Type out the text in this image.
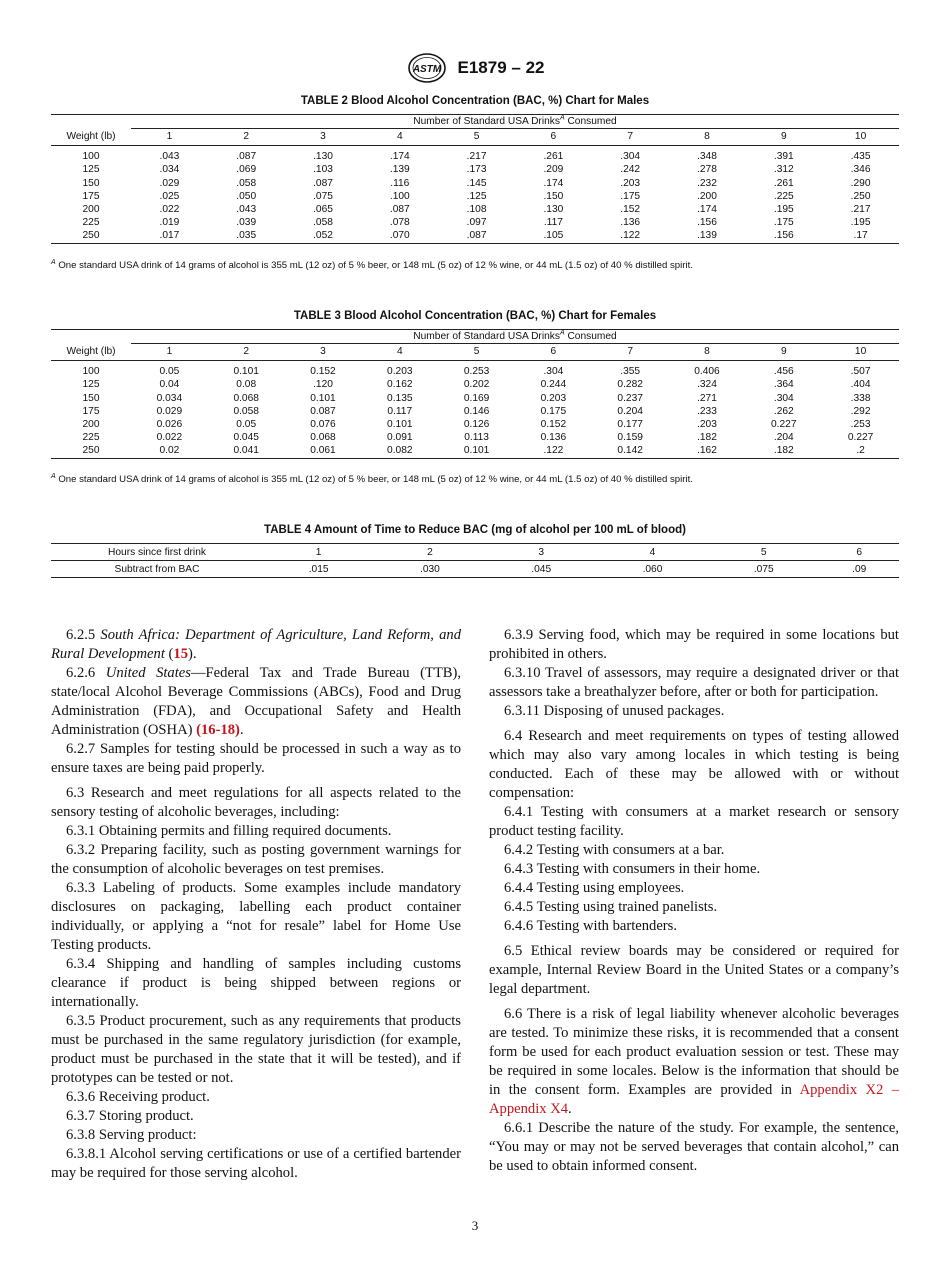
ASTM E1879 – 22
TABLE 2 Blood Alcohol Concentration (BAC, %) Chart for Males
	Number of Standard USA Drinks$^A$ Consumed									
Weight (lb)	1	2	3	4	5	6	7	8	9	10
100	.043	.087	.130	.174	.217	.261	.304	.348	.391	.435
125	.034	.069	.103	.139	.173	.209	.242	.278	.312	.346
150	.029	.058	.087	.116	.145	.174	.203	.232	.261	.290
175	.025	.050	.075	.100	.125	.150	.175	.200	.225	.250
200	.022	.043	.065	.087	.108	.130	.152	.174	.195	.217
225	.019	.039	.058	.078	.097	.117	.136	.156	.175	.195
250	.017	.035	.052	.070	.087	.105	.122	.139	.156	.17
$^A$ One standard USA drink of 14 grams of alcohol is 355 mL (12 oz) of 5 % beer, or 148 mL (5 oz) of 12 % wine, or 44 mL (1.5 oz) of 40 % distilled spirit.
TABLE 3 Blood Alcohol Concentration (BAC, %) Chart for Females
	Number of Standard USA Drinks$^A$ Consumed									
Weight (lb)	1	2	3	4	5	6	7	8	9	10
100	0.05	0.101	0.152	0.203	0.253	.304	.355	0.406	.456	.507
125	0.04	0.08	.120	0.162	0.202	0.244	0.282	.324	.364	.404
150	0.034	0.068	0.101	0.135	0.169	0.203	0.237	.271	.304	.338
175	0.029	0.058	0.087	0.117	0.146	0.175	0.204	.233	.262	.292
200	0.026	0.05	0.076	0.101	0.126	0.152	0.177	.203	0.227	.253
225	0.022	0.045	0.068	0.091	0.113	0.136	0.159	.182	.204	0.227
250	0.02	0.041	0.061	0.082	0.101	.122	0.142	.162	.182	.2
$^A$ One standard USA drink of 14 grams of alcohol is 355 mL (12 oz) of 5 % beer, or 148 mL (5 oz) of 12 % wine, or 44 mL (1.5 oz) of 40 % distilled spirit.
TABLE 4 Amount of Time to Reduce BAC (mg of alcohol per 100 mL of blood)
Hours since first drink	1	2	3	4	5	6
Subtract from BAC	.015	.030	.045	.060	.075	.09

6.2.5 South Africa: Department of Agriculture, Land Reform, and Rural Development (15).

6.2.6 United States—Federal Tax and Trade Bureau (TTB), state/local Alcohol Beverage Commissions (ABCs), Food and Drug Administration (FDA), and Occupational Safety and Health Administration (OSHA) (16-18).

6.2.7 Samples for testing should be processed in such a way as to ensure taxes are being paid properly.

6.3 Research and meet regulations for all aspects related to the sensory testing of alcoholic beverages, including:

6.3.1 Obtaining permits and filling required documents.

6.3.2 Preparing facility, such as posting government warnings for the consumption of alcoholic beverages on test premises.

6.3.3 Labeling of products. Some examples include mandatory disclosures on packaging, labelling each product container individually, or applying a “not for resale” label for Home Use Testing products.

6.3.4 Shipping and handling of samples including customs clearance if product is being shipped between regions or internationally.

6.3.5 Product procurement, such as any requirements that products must be purchased in the same regulatory jurisdiction (for example, product must be purchased in the state that it will be tested), and if prototypes can be tested or not.

6.3.6 Receiving product.

6.3.7 Storing product.

6.3.8 Serving product:

6.3.8.1 Alcohol serving certifications or use of a certified bartender may be required for those serving alcohol.

6.3.9 Serving food, which may be required in some locations but prohibited in others.

6.3.10 Travel of assessors, may require a designated driver or that assessors take a breathalyzer before, after or both for participation.

6.3.11 Disposing of unused packages.

6.4 Research and meet requirements on types of testing allowed which may also vary among locales in which testing is being conducted. Each of these may be allowed with or without compensation:

6.4.1 Testing with consumers at a market research or sensory product testing facility.

6.4.2 Testing with consumers at a bar.

6.4.3 Testing with consumers in their home.

6.4.4 Testing using employees.

6.4.5 Testing using trained panelists.

6.4.6 Testing with bartenders.

6.5 Ethical review boards may be considered or required for example, Internal Review Board in the United States or a company’s legal department.

6.6 There is a risk of legal liability whenever alcoholic beverages are tested. To minimize these risks, it is recommended that a consent form be used for each product evaluation session or test. These may be required in some locales. Below is the information that should be in the consent form. Examples are provided in Appendix X2 – Appendix X4.

6.6.1 Describe the nature of the study. For example, the sentence, “You may or may not be served beverages that contain alcohol,” can be used to obtain informed consent.

3
